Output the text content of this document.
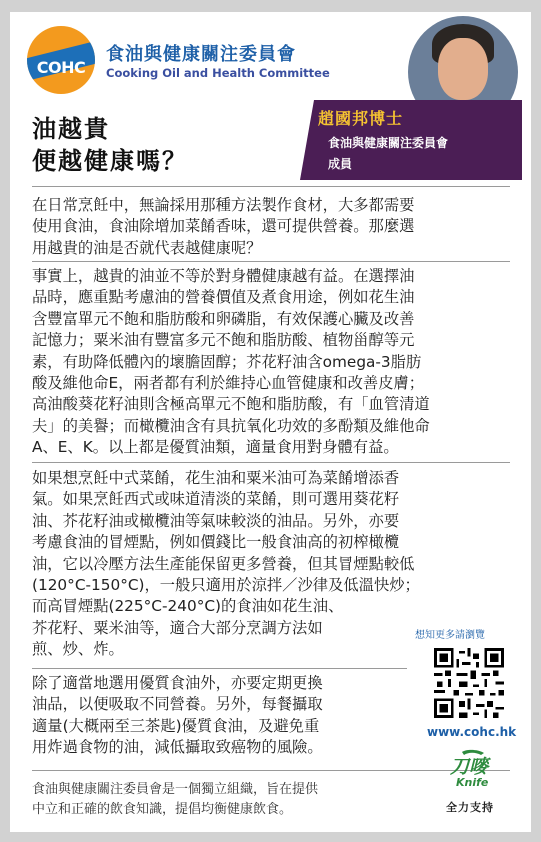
COHC
食油與健康關注委員會
Cooking Oil and Health Committee
趙國邦博士
食油與健康關注委員會
成員
油越貴
便越健康嗎？
在日常烹飪中，無論採用那種方法製作食材，大多都需要
使用食油，食油除增加菜餚香味，還可提供營養。那麼選
用越貴的油是否就代表越健康呢？
事實上，越貴的油並不等於對身體健康越有益。在選擇油
品時，應重點考慮油的營養價值及煮食用途，例如花生油
含豐富單元不飽和脂肪酸和卵磷脂，有效保護心臟及改善
記憶力；粟米油有豐富多元不飽和脂肪酸、植物甾醇等元
素，有助降低體內的壞膽固醇；芥花籽油含omega-3脂肪
酸及維他命E，兩者都有利於維持心血管健康和改善皮膚；
高油酸葵花籽油則含極高單元不飽和脂肪酸，有「血管清道
夫」的美譽；而橄欖油含有具抗氧化功效的多酚類及維他命
A、E、K。以上都是優質油類，適量食用對身體有益。
如果想烹飪中式菜餚，花生油和粟米油可為菜餚增添香
氣。如果烹飪西式或味道清淡的菜餚，則可選用葵花籽
油、芥花籽油或橄欖油等氣味較淡的油品。另外，亦要
考慮食油的冒煙點，例如價錢比一般食油高的初榨橄欖
油，它以冷壓方法生產能保留更多營養，但其冒煙點較低
(120°C-150°C)，一般只適用於涼拌／沙律及低溫快炒；
而高冒煙點(225°C-240°C)的食油如花生油、
芥花籽、粟米油等，適合大部分烹調方法如
煎、炒、炸。
除了適當地選用優質食油外，亦要定期更換
油品，以便吸取不同營養。另外，每餐攝取
適量(大概兩至三茶匙)優質食油，及避免重
用炸過食物的油，減低攝取致癌物的風險。
想知更多請瀏覽
www.cohc.hk
刀嘜
Knife
全力支持
食油與健康關注委員會是一個獨立組織，旨在提供
中立和正確的飲食知識，提倡均衡健康飲食。
